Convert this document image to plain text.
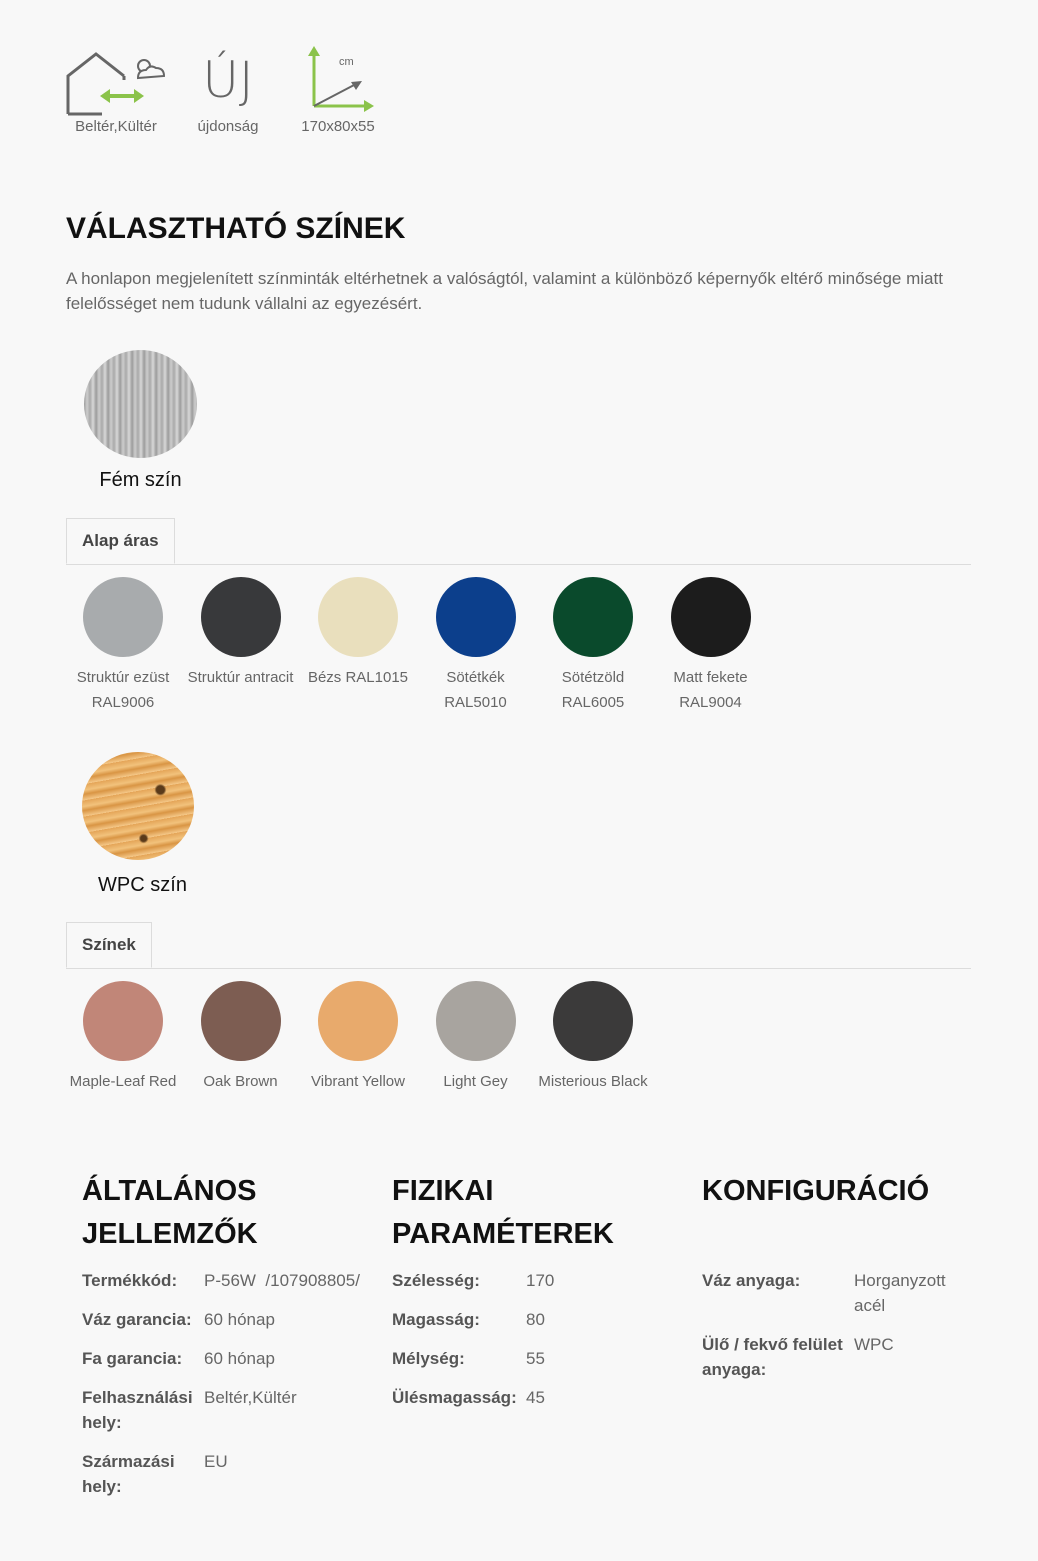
Beltér,Kültér
ÚJ
újdonság
cm
170x80x55
VÁLASZTHATÓ SZÍNEK

A honlapon megjelenített színminták eltérhetnek a valóságtól, valamint a különböző képernyők eltérő minősége miatt felelősséget nem tudunk vállalni az egyezésért.

Fém szín
Alap áras
Struktúr ezüst RAL9006
Struktúr antracit Bézs RAL1015	Sötétkék RAL5010
Sötétzöld RAL6005
Matt fekete RAL9004
WPC szín
Színek
Maple-Leaf Red	Oak Brown	Vibrant Yellow	Light Gey	Misterious Black
ÁLTALÁNOS JELLEMZŐK
Termékkód:	P-56W  /107908805/
Váz garancia:	60 hónap
Fa garancia:	60 hónap
Felhasználási hely:	Beltér,Kültér
Származási hely:	EU
FIZIKAI PARAMÉTEREK
Szélesség:	170
Magasság:	80
Mélység:	55
Ülésmagasság:	45
KONFIGURÁCIÓ
Váz anyaga:	Horganyzott acél
Ülő / fekvő felület anyaga:	WPC
